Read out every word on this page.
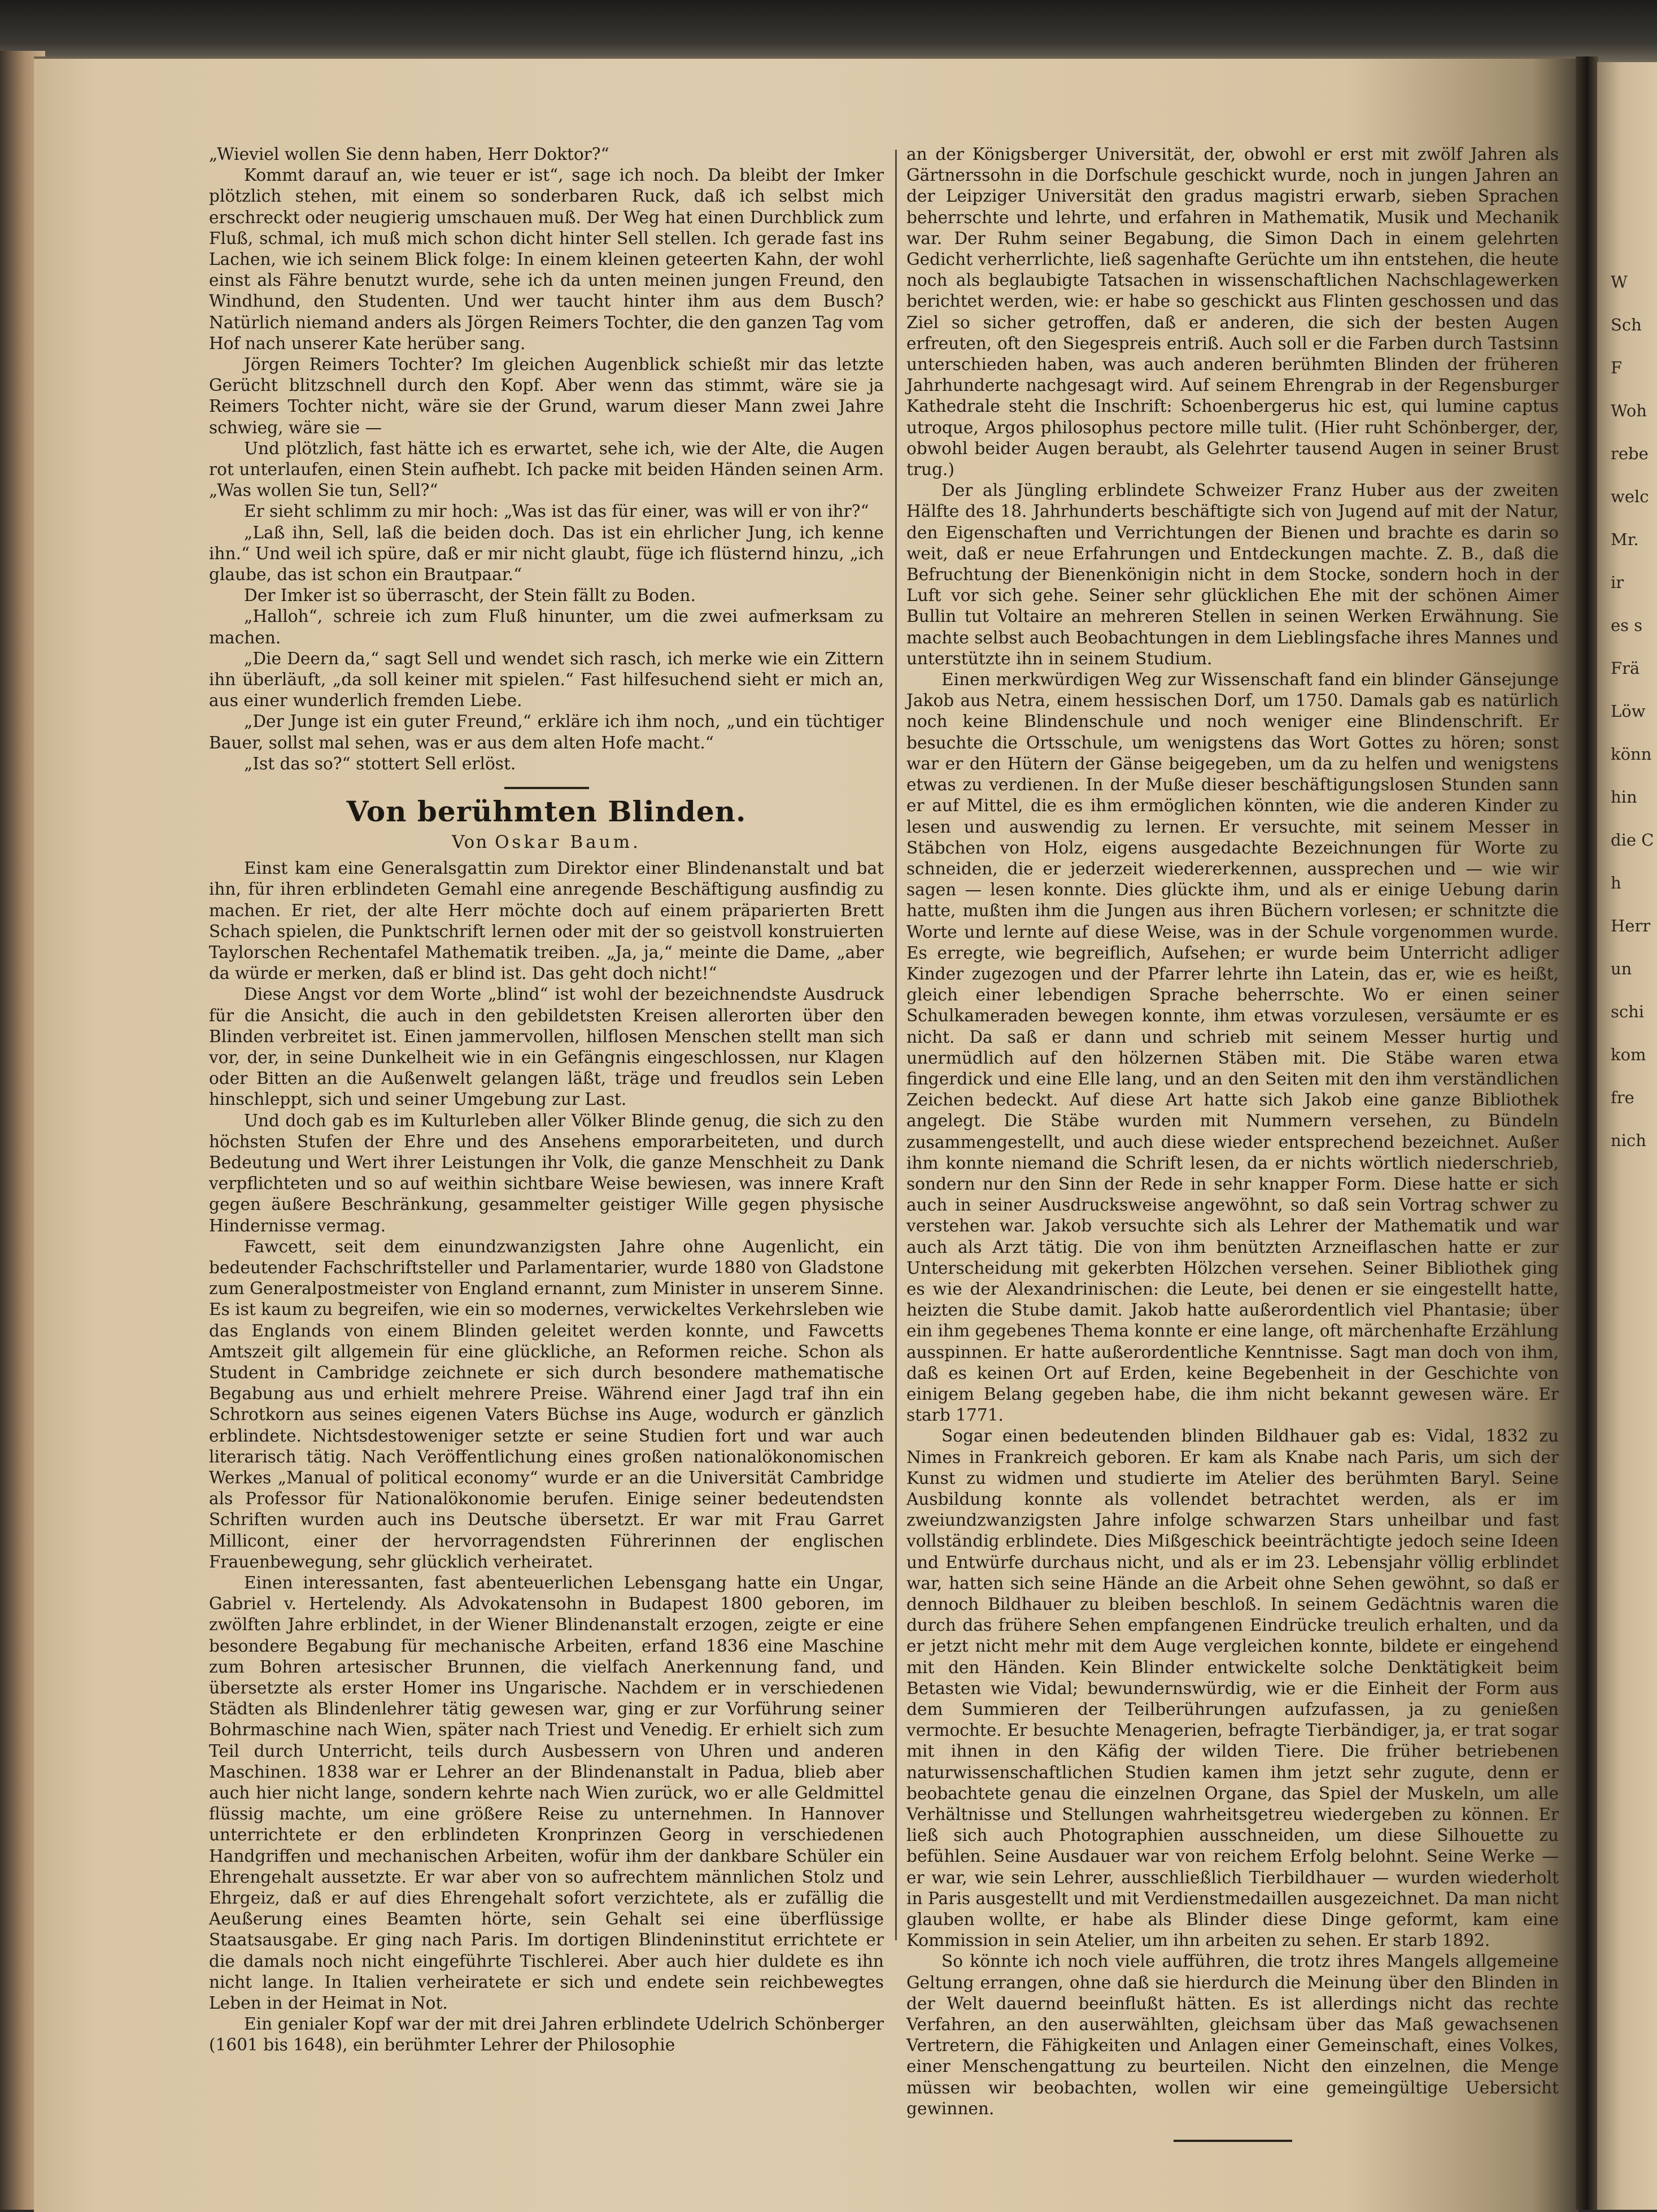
W

Sch

F

Woh

rebe

welc

Mr.

ir

es s

Frä

Löw

könn

hin

die C

h

Herr

un

schi

kom

fre

nich

„Wieviel wollen Sie denn haben, Herr Doktor?“

Kommt darauf an, wie teuer er ist“, sage ich noch. Da bleibt der Imker plötzlich stehen, mit einem so sonderbaren Ruck, daß ich selbst mich erschreckt oder neugierig umschauen muß. Der Weg hat einen Durchblick zum Fluß, schmal, ich muß mich schon dicht hinter Sell stellen. Ich gerade fast ins Lachen, wie ich seinem Blick folge: In einem kleinen geteerten Kahn, der wohl einst als Fähre benutzt wurde, sehe ich da unten meinen jungen Freund, den Windhund, den Studenten. Und wer taucht hinter ihm aus dem Busch? Natürlich niemand anders als Jörgen Reimers Tochter, die den ganzen Tag vom Hof nach unserer Kate herüber sang.

Jörgen Reimers Tochter? Im gleichen Augenblick schießt mir das letzte Gerücht blitzschnell durch den Kopf. Aber wenn das stimmt, wäre sie ja Reimers Tochter nicht, wäre sie der Grund, warum dieser Mann zwei Jahre schwieg, wäre sie —

Und plötzlich, fast hätte ich es erwartet, sehe ich, wie der Alte, die Augen rot unterlaufen, einen Stein aufhebt. Ich packe mit beiden Händen seinen Arm. „Was wollen Sie tun, Sell?“

Er sieht schlimm zu mir hoch: „Was ist das für einer, was will er von ihr?“

„Laß ihn, Sell, laß die beiden doch. Das ist ein ehrlicher Jung, ich kenne ihn.“ Und weil ich spüre, daß er mir nicht glaubt, füge ich flüsternd hinzu, „ich glaube, das ist schon ein Brautpaar.“

Der Imker ist so überrascht, der Stein fällt zu Boden.

„Halloh“, schreie ich zum Fluß hinunter, um die zwei aufmerksam zu machen.

„Die Deern da,“ sagt Sell und wendet sich rasch, ich merke wie ein Zittern ihn überläuft, „da soll keiner mit spielen.“ Fast hilfesuchend sieht er mich an, aus einer wunderlich fremden Liebe.

„Der Junge ist ein guter Freund,“ erkläre ich ihm noch, „und ein tüchtiger Bauer, sollst mal sehen, was er aus dem alten Hofe macht.“

„Ist das so?“ stottert Sell erlöst.

Von berühmten Blinden.
Von Oskar Baum.

Einst kam eine Generalsgattin zum Direktor einer Blindenanstalt und bat ihn, für ihren erblindeten Gemahl eine anregende Beschäftigung ausfindig zu machen. Er riet, der alte Herr möchte doch auf einem präparierten Brett Schach spielen, die Punktschrift lernen oder mit der so geistvoll konstruierten Taylorschen Rechentafel Mathematik treiben. „Ja, ja,“ meinte die Dame, „aber da würde er merken, daß er blind ist. Das geht doch nicht!“

Diese Angst vor dem Worte „blind“ ist wohl der bezeichnendste Ausdruck für die Ansicht, die auch in den gebildetsten Kreisen allerorten über den Blinden verbreitet ist. Einen jammervollen, hilflosen Menschen stellt man sich vor, der, in seine Dunkelheit wie in ein Gefängnis eingeschlossen, nur Klagen oder Bitten an die Außenwelt gelangen läßt, träge und freudlos sein Leben hinschleppt, sich und seiner Umgebung zur Last.

Und doch gab es im Kulturleben aller Völker Blinde genug, die sich zu den höchsten Stufen der Ehre und des Ansehens emporarbeiteten, und durch Bedeutung und Wert ihrer Leistungen ihr Volk, die ganze Menschheit zu Dank verpflichteten und so auf weithin sichtbare Weise bewiesen, was innere Kraft gegen äußere Beschränkung, gesammelter geistiger Wille gegen physische Hindernisse vermag.

Fawcett, seit dem einundzwanzigsten Jahre ohne Augenlicht, ein bedeutender Fachschriftsteller und Parlamentarier, wurde 1880 von Gladstone zum Generalpostmeister von England ernannt, zum Minister in unserem Sinne. Es ist kaum zu begreifen, wie ein so modernes, verwickeltes Verkehrsleben wie das Englands von einem Blinden geleitet werden konnte, und Fawcetts Amtszeit gilt allgemein für eine glückliche, an Reformen reiche. Schon als Student in Cambridge zeichnete er sich durch besondere mathematische Begabung aus und erhielt mehrere Preise. Während einer Jagd traf ihn ein Schrotkorn aus seines eigenen Vaters Büchse ins Auge, wodurch er gänzlich erblindete. Nichtsdestoweniger setzte er seine Studien fort und war auch literarisch tätig. Nach Veröffentlichung eines großen nationalökonomischen Werkes „Manual of political economy“ wurde er an die Universität Cambridge als Professor für Nationalökonomie berufen. Einige seiner bedeutendsten Schriften wurden auch ins Deutsche übersetzt. Er war mit Frau Garret Millicont, einer der hervorragendsten Führerinnen der englischen Frauenbewegung, sehr glücklich verheiratet.

Einen interessanten, fast abenteuerlichen Lebensgang hatte ein Ungar, Gabriel v. Hertelendy. Als Advokatensohn in Budapest 1800 geboren, im zwölften Jahre erblindet, in der Wiener Blindenanstalt erzogen, zeigte er eine besondere Begabung für mechanische Arbeiten, erfand 1836 eine Maschine zum Bohren artesischer Brunnen, die vielfach Anerkennung fand, und übersetzte als erster Homer ins Ungarische. Nachdem er in verschiedenen Städten als Blindenlehrer tätig gewesen war, ging er zur Vorführung seiner Bohrmaschine nach Wien, später nach Triest und Venedig. Er erhielt sich zum Teil durch Unterricht, teils durch Ausbessern von Uhren und anderen Maschinen. 1838 war er Lehrer an der Blindenanstalt in Padua, blieb aber auch hier nicht lange, sondern kehrte nach Wien zurück, wo er alle Geldmittel flüssig machte, um eine größere Reise zu unternehmen. In Hannover unterrichtete er den erblindeten Kronprinzen Georg in verschiedenen Handgriffen und mechanischen Arbeiten, wofür ihm der dankbare Schüler ein Ehrengehalt aussetzte. Er war aber von so aufrechtem männlichen Stolz und Ehrgeiz, daß er auf dies Ehrengehalt sofort verzichtete, als er zufällig die Aeußerung eines Beamten hörte, sein Gehalt sei eine überflüssige Staatsausgabe. Er ging nach Paris. Im dortigen Blindeninstitut errichtete er die damals noch nicht eingeführte Tischlerei. Aber auch hier duldete es ihn nicht lange. In Italien verheiratete er sich und endete sein reichbewegtes Leben in der Heimat in Not.

Ein genialer Kopf war der mit drei Jahren erblindete Udelrich Schönberger (1601 bis 1648), ein berühmter Lehrer der Philosophie

an der Königsberger Universität, der, obwohl er erst mit zwölf Jahren als Gärtnerssohn in die Dorfschule geschickt wurde, noch in jungen Jahren an der Leipziger Universität den gradus magistri erwarb, sieben Sprachen beherrschte und lehrte, und erfahren in Mathematik, Musik und Mechanik war. Der Ruhm seiner Begabung, die Simon Dach in einem gelehrten Gedicht verherrlichte, ließ sagenhafte Gerüchte um ihn entstehen, die heute noch als beglaubigte Tatsachen in wissenschaftlichen Nachschlagewerken berichtet werden, wie: er habe so geschickt aus Flinten geschossen und das Ziel so sicher getroffen, daß er anderen, die sich der besten Augen erfreuten, oft den Siegespreis entriß. Auch soll er die Farben durch Tastsinn unterschieden haben, was auch anderen berühmten Blinden der früheren Jahrhunderte nachgesagt wird. Auf seinem Ehrengrab in der Regensburger Kathedrale steht die Inschrift: Schoenbergerus hic est, qui lumine captus utroque, Argos philosophus pectore mille tulit. (Hier ruht Schönberger, der, obwohl beider Augen beraubt, als Gelehrter tausend Augen in seiner Brust trug.)

Der als Jüngling erblindete Schweizer Franz Huber aus der zweiten Hälfte des 18. Jahrhunderts beschäftigte sich von Jugend auf mit der Natur, den Eigenschaften und Verrichtungen der Bienen und brachte es darin so weit, daß er neue Erfahrungen und Entdeckungen machte. Z. B., daß die Befruchtung der Bienenkönigin nicht in dem Stocke, sondern hoch in der Luft vor sich gehe. Seiner sehr glücklichen Ehe mit der schönen Aimer Bullin tut Voltaire an mehreren Stellen in seinen Werken Erwähnung. Sie machte selbst auch Beobachtungen in dem Lieblingsfache ihres Mannes und unterstützte ihn in seinem Studium.

Einen merkwürdigen Weg zur Wissenschaft fand ein blinder Gänsejunge Jakob aus Netra, einem hessischen Dorf, um 1750. Damals gab es natürlich noch keine Blindenschule und noch weniger eine Blindenschrift. Er besuchte die Ortsschule, um wenigstens das Wort Gottes zu hören; sonst war er den Hütern der Gänse beigegeben, um da zu helfen und wenigstens etwas zu verdienen. In der Muße dieser beschäftigungslosen Stunden sann er auf Mittel, die es ihm ermöglichen könnten, wie die anderen Kinder zu lesen und auswendig zu lernen. Er versuchte, mit seinem Messer in Stäbchen von Holz, eigens ausgedachte Bezeichnungen für Worte zu schneiden, die er jederzeit wiedererkennen, aussprechen und — wie wir sagen — lesen konnte. Dies glückte ihm, und als er einige Uebung darin hatte, mußten ihm die Jungen aus ihren Büchern vorlesen; er schnitzte die Worte und lernte auf diese Weise, was in der Schule vorgenommen wurde. Es erregte, wie begreiflich, Aufsehen; er wurde beim Unterricht adliger Kinder zugezogen und der Pfarrer lehrte ihn Latein, das er, wie es heißt, gleich einer lebendigen Sprache beherrschte. Wo er einen seiner Schulkameraden bewegen konnte, ihm etwas vorzulesen, versäumte er es nicht. Da saß er dann und schrieb mit seinem Messer hurtig und unermüdlich auf den hölzernen Stäben mit. Die Stäbe waren etwa fingerdick und eine Elle lang, und an den Seiten mit den ihm verständlichen Zeichen bedeckt. Auf diese Art hatte sich Jakob eine ganze Bibliothek angelegt. Die Stäbe wurden mit Nummern versehen, zu Bündeln zusammengestellt, und auch diese wieder entsprechend bezeichnet. Außer ihm konnte niemand die Schrift lesen, da er nichts wörtlich niederschrieb, sondern nur den Sinn der Rede in sehr knapper Form. Diese hatte er sich auch in seiner Ausdrucksweise angewöhnt, so daß sein Vortrag schwer zu verstehen war. Jakob versuchte sich als Lehrer der Mathematik und war auch als Arzt tätig. Die von ihm benützten Arzneiflaschen hatte er zur Unterscheidung mit gekerbten Hölzchen versehen. Seiner Bibliothek ging es wie der Alexandrinischen: die Leute, bei denen er sie eingestellt hatte, heizten die Stube damit. Jakob hatte außerordentlich viel Phantasie; über ein ihm gegebenes Thema konnte er eine lange, oft märchenhafte Erzählung ausspinnen. Er hatte außerordentliche Kenntnisse. Sagt man doch von ihm, daß es keinen Ort auf Erden, keine Begebenheit in der Geschichte von einigem Belang gegeben habe, die ihm nicht bekannt gewesen wäre. Er starb 1771.

Sogar einen bedeutenden blinden Bildhauer gab es: Vidal, 1832 zu Nimes in Frankreich geboren. Er kam als Knabe nach Paris, um sich der Kunst zu widmen und studierte im Atelier des berühmten Baryl. Seine Ausbildung konnte als vollendet betrachtet werden, als er im zweiundzwanzigsten Jahre infolge schwarzen Stars unheilbar und fast vollständig erblindete. Dies Mißgeschick beeinträchtigte jedoch seine Ideen und Entwürfe durchaus nicht, und als er im 23. Lebensjahr völlig erblindet war, hatten sich seine Hände an die Arbeit ohne Sehen gewöhnt, so daß er dennoch Bildhauer zu bleiben beschloß. In seinem Gedächtnis waren die durch das frühere Sehen empfangenen Eindrücke treulich erhalten, und da er jetzt nicht mehr mit dem Auge vergleichen konnte, bildete er eingehend mit den Händen. Kein Blinder entwickelte solche Denktätigkeit beim Betasten wie Vidal; bewundernswürdig, wie er die Einheit der Form aus dem Summieren der Teilberührungen aufzufassen, ja zu genießen vermochte. Er besuchte Menagerien, befragte Tierbändiger, ja, er trat sogar mit ihnen in den Käfig der wilden Tiere. Die früher betriebenen naturwissenschaftlichen Studien kamen ihm jetzt sehr zugute, denn er beobachtete genau die einzelnen Organe, das Spiel der Muskeln, um alle Verhältnisse und Stellungen wahrheitsgetreu wiedergeben zu können. Er ließ sich auch Photographien ausschneiden, um diese Silhouette zu befühlen. Seine Ausdauer war von reichem Erfolg belohnt. Seine Werke — er war, wie sein Lehrer, ausschließlich Tierbildhauer — wurden wiederholt in Paris ausgestellt und mit Verdienstmedaillen ausgezeichnet. Da man nicht glauben wollte, er habe als Blinder diese Dinge geformt, kam eine Kommission in sein Atelier, um ihn arbeiten zu sehen. Er starb 1892.

So könnte ich noch viele aufführen, die trotz ihres Mangels allgemeine Geltung errangen, ohne daß sie hierdurch die Meinung über den Blinden in der Welt dauernd beeinflußt hätten. Es ist allerdings nicht das rechte Verfahren, an den auserwählten, gleichsam über das Maß gewachsenen Vertretern, die Fähigkeiten und Anlagen einer Gemeinschaft, eines Volkes, einer Menschengattung zu beurteilen. Nicht den einzelnen, die Menge müssen wir beobachten, wollen wir eine gemeingültige Uebersicht gewinnen.
